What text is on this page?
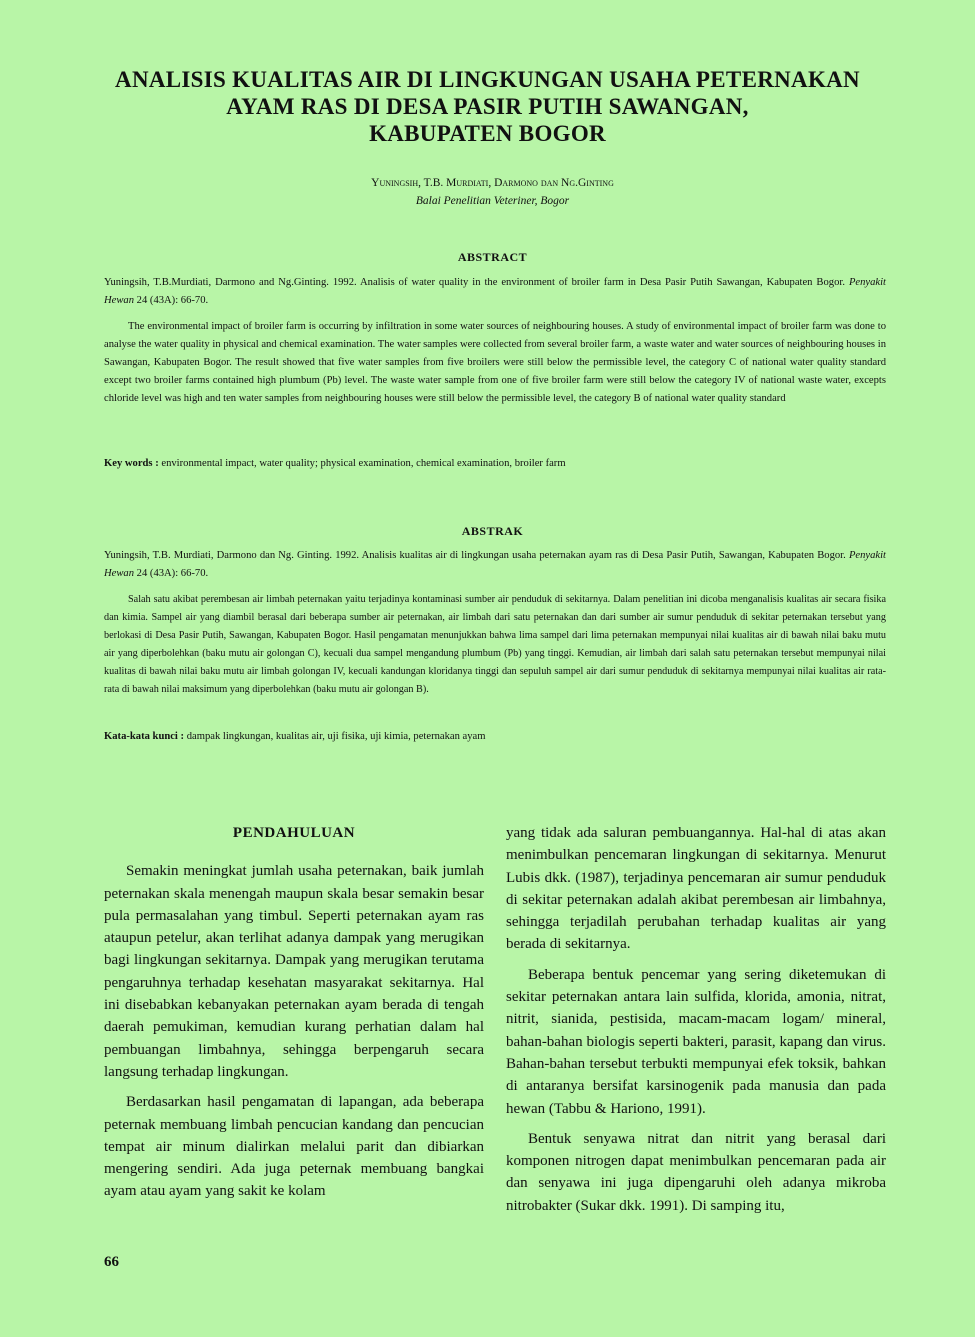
ANALISIS KUALITAS AIR DI LINGKUNGAN USAHA PETERNAKAN
AYAM RAS DI DESA PASIR PUTIH SAWANGAN,
KABUPATEN BOGOR
Yuningsih, T.B. Murdiati, Darmono dan Ng.Ginting
Balai Penelitian Veteriner, Bogor
ABSTRACT

Yuningsih, T.B.Murdiati, Darmono and Ng.Ginting. 1992. Analisis of water quality in the environment of broiler farm in Desa Pasir Putih Sawangan, Kabupaten Bogor. Penyakit Hewan 24 (43A): 66-70.

The environmental impact of broiler farm is occurring by infiltration in some water sources of neighbouring houses. A study of environmental impact of broiler farm was done to analyse the water quality in physical and chemical examination. The water samples were collected from several broiler farm, a waste water and water sources of neighbouring houses in Sawangan, Kabupaten Bogor. The result showed that five water samples from five broilers were still below the permissible level, the category C of national water quality standard except two broiler farms contained high plumbum (Pb) level. The waste water sample from one of five broiler farm were still below the category IV of national waste water, excepts chloride level was high and ten water samples from neighbouring houses were still below the permissible level, the category B of national water quality standard

Key words : environmental impact, water quality; physical examination, chemical examination, broiler farm

ABSTRAK

Yuningsih, T.B. Murdiati, Darmono dan Ng. Ginting. 1992. Analisis kualitas air di lingkungan usaha peternakan ayam ras di Desa Pasir Putih, Sawangan, Kabupaten Bogor. Penyakit Hewan 24 (43A): 66-70.

Salah satu akibat perembesan air limbah peternakan yaitu terjadinya kontaminasi sumber air penduduk di sekitarnya. Dalam penelitian ini dicoba menganalisis kualitas air secara fisika dan kimia. Sampel air yang diambil berasal dari beberapa sumber air peternakan, air limbah dari satu peternakan dan dari sumber air sumur penduduk di sekitar peternakan tersebut yang berlokasi di Desa Pasir Putih, Sawangan, Kabupaten Bogor. Hasil pengamatan menunjukkan bahwa lima sampel dari lima peternakan mempunyai nilai kualitas air di bawah nilai baku mutu air yang diperbolehkan (baku mutu air golongan C), kecuali dua sampel mengandung plumbum (Pb) yang tinggi. Kemudian, air limbah dari salah satu peternakan tersebut mempunyai nilai kualitas di bawah nilai baku mutu air limbah golongan IV, kecuali kandungan kloridanya tinggi dan sepuluh sampel air dari sumur penduduk di sekitarnya mempunyai nilai kualitas air rata-rata di bawah nilai maksimum yang diperbolehkan (baku mutu air golongan B).

Kata-kata kunci : dampak lingkungan, kualitas air, uji fisika, uji kimia, peternakan ayam

PENDAHULUAN

Semakin meningkat jumlah usaha peternakan, baik jumlah peternakan skala menengah maupun skala besar semakin besar pula permasalahan yang timbul. Seperti peternakan ayam ras ataupun petelur, akan terlihat adanya dampak yang merugikan bagi lingkungan sekitarnya. Dampak yang merugikan terutama pengaruhnya terhadap kesehatan masyarakat sekitarnya. Hal ini disebabkan kebanyakan peternakan ayam berada di tengah daerah pemukiman, kemudian kurang perhatian dalam hal pembuangan limbahnya, sehingga berpengaruh secara langsung terhadap lingkungan.

Berdasarkan hasil pengamatan di lapangan, ada beberapa peternak membuang limbah pencucian kandang dan pencucian tempat air minum dialirkan melalui parit dan dibiarkan mengering sendiri. Ada juga peternak membuang bangkai ayam atau ayam yang sakit ke kolam

yang tidak ada saluran pembuangannya. Hal-hal di atas akan menimbulkan pencemaran lingkungan di sekitarnya. Menurut Lubis dkk. (1987), terjadinya pencemaran air sumur penduduk di sekitar peternakan adalah akibat perembesan air limbahnya, sehingga terjadilah perubahan terhadap kualitas air yang berada di sekitarnya.

Beberapa bentuk pencemar yang sering diketemukan di sekitar peternakan antara lain sulfida, klorida, amonia, nitrat, nitrit, sianida, pestisida, macam-macam logam/ mineral, bahan-bahan biologis seperti bakteri, parasit, kapang dan virus. Bahan-bahan tersebut terbukti mempunyai efek toksik, bahkan di antaranya bersifat karsinogenik pada manusia dan pada hewan (Tabbu & Hariono, 1991).

Bentuk senyawa nitrat dan nitrit yang berasal dari komponen nitrogen dapat menimbulkan pencemaran pada air dan senyawa ini juga dipengaruhi oleh adanya mikroba nitrobakter (Sukar dkk. 1991). Di samping itu,

66
